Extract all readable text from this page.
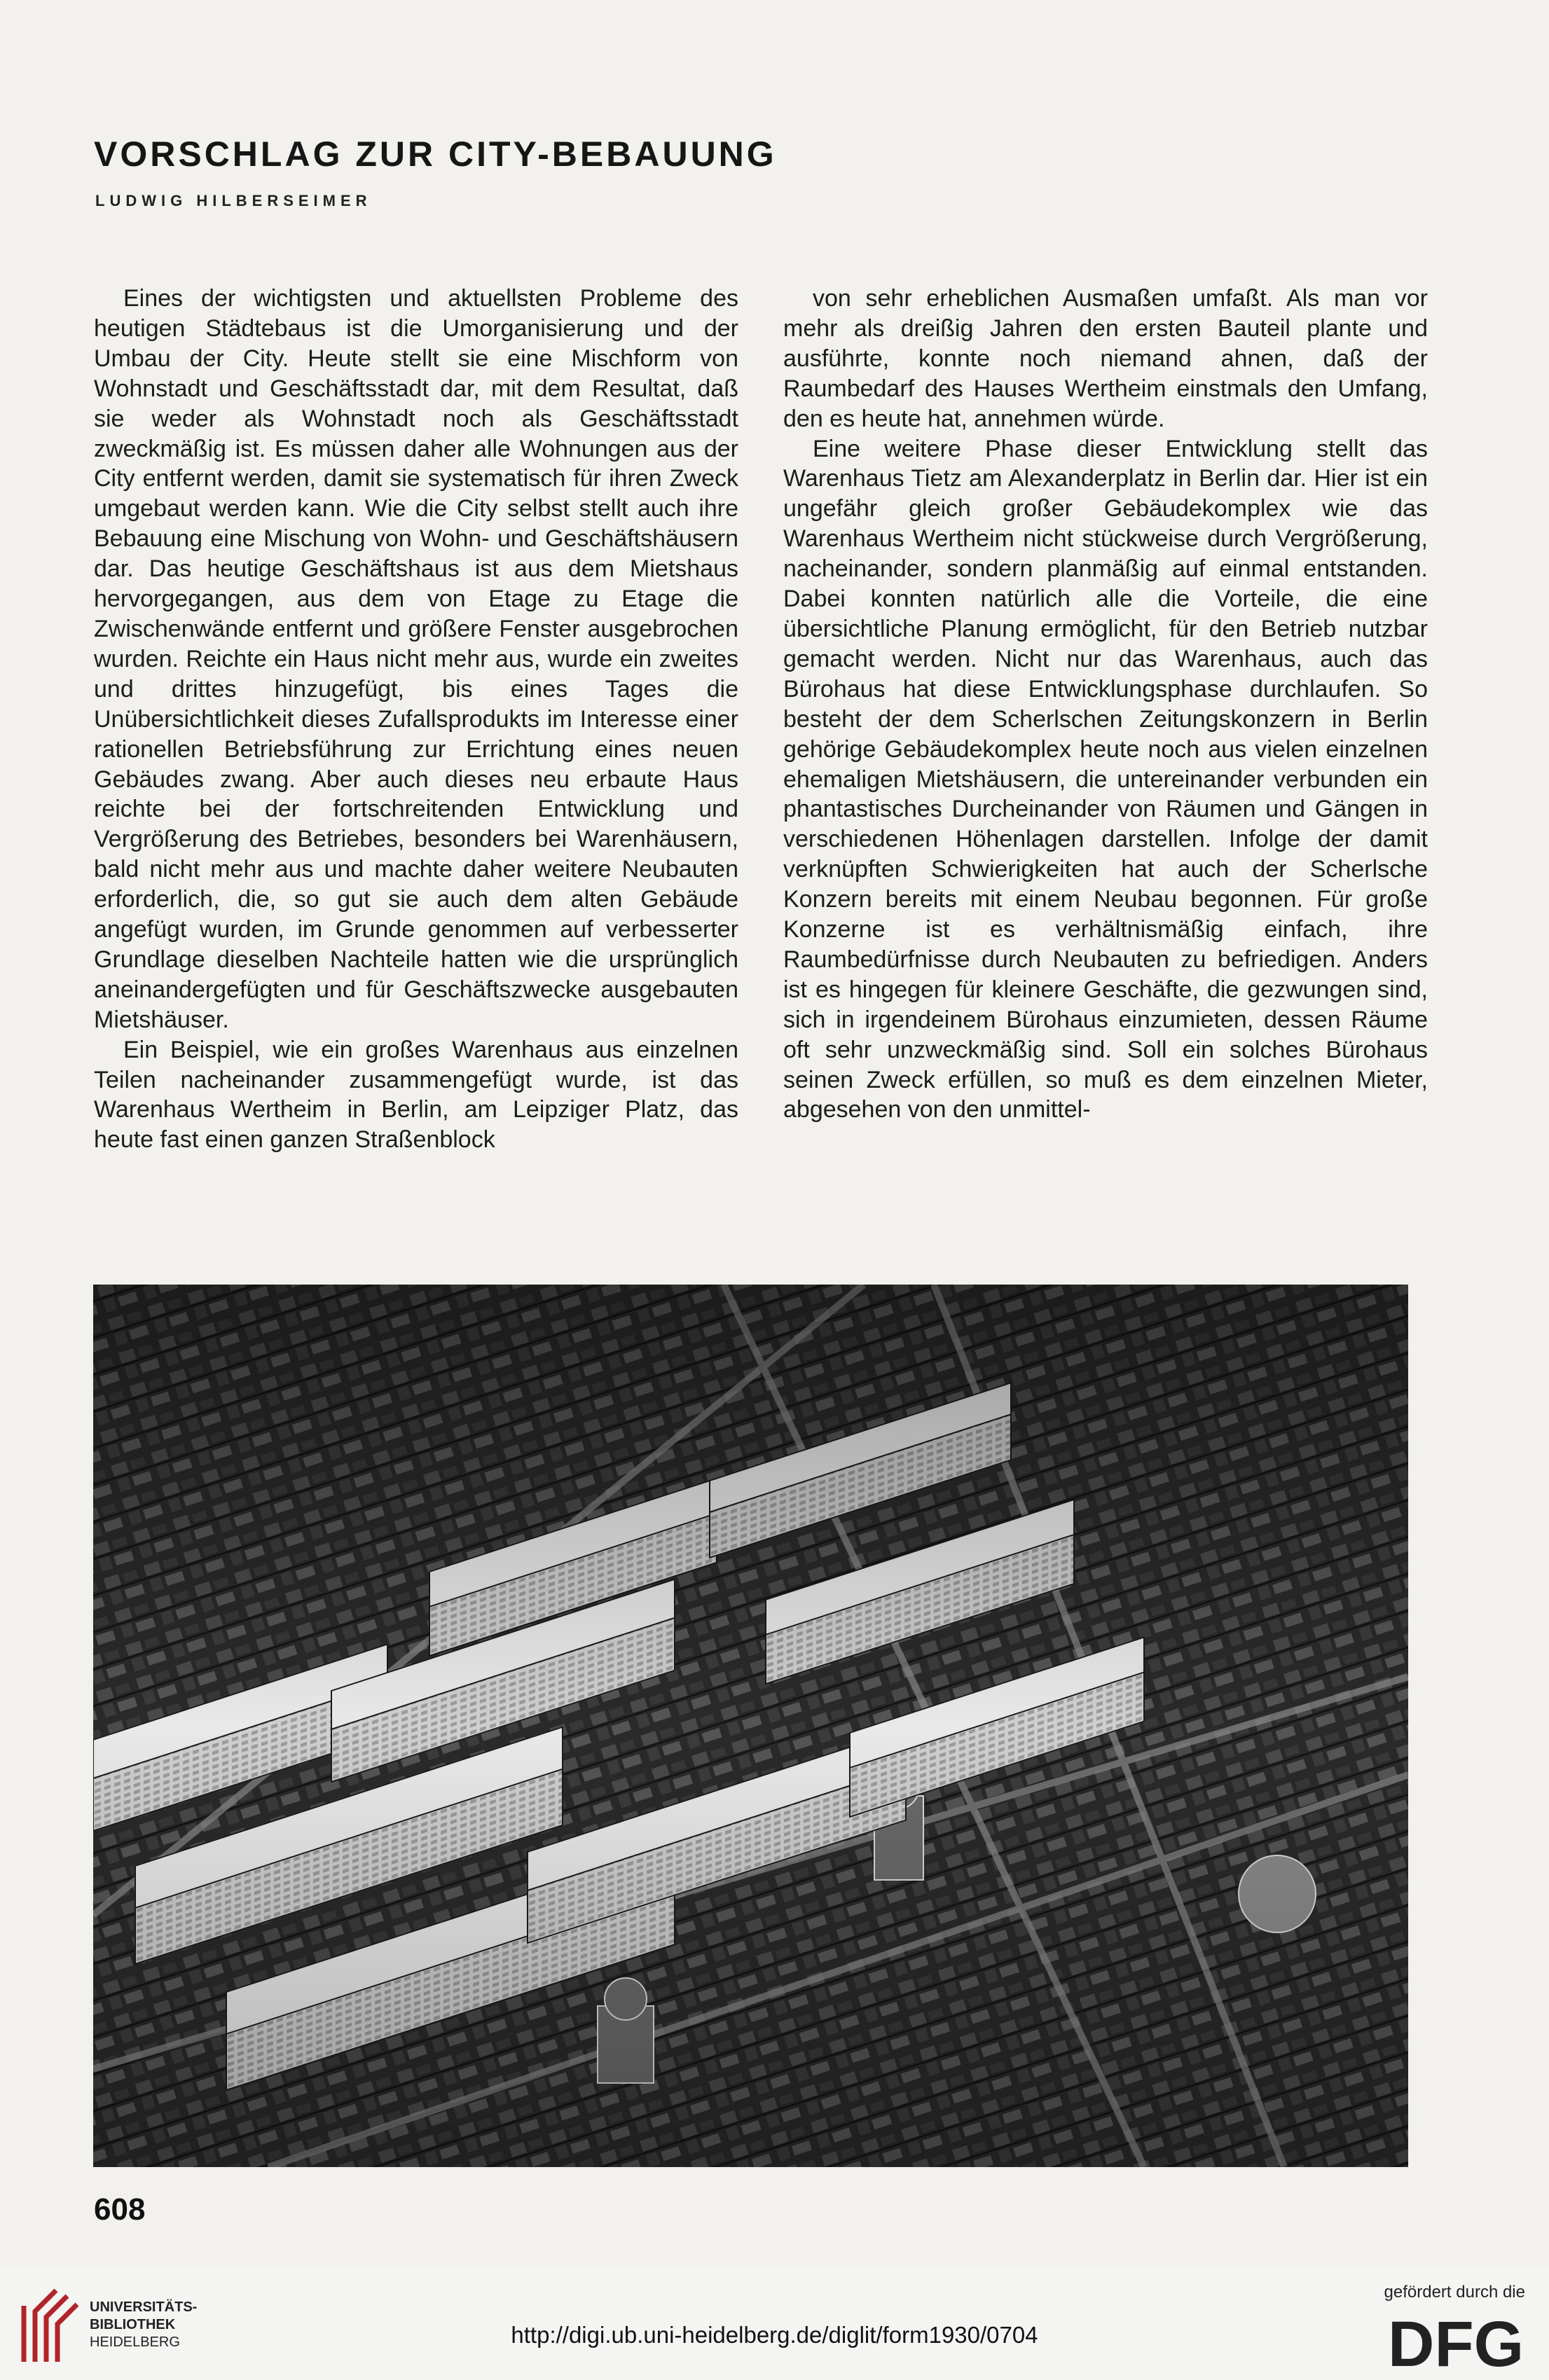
VORSCHLAG ZUR CITY-BEBAUUNG
LUDWIG HILBERSEIMER

Eines der wichtigsten und aktuellsten Probleme des heutigen Städtebaus ist die Umorganisierung und der Umbau der City. Heute stellt sie eine Mischform von Wohnstadt und Geschäftsstadt dar, mit dem Resultat, daß sie weder als Wohnstadt noch als Geschäftsstadt zweckmäßig ist. Es müssen daher alle Wohnungen aus der City entfernt werden, damit sie systematisch für ihren Zweck umgebaut werden kann. Wie die City selbst stellt auch ihre Bebauung eine Mischung von Wohn- und Geschäftshäusern dar. Das heutige Geschäftshaus ist aus dem Mietshaus hervorgegangen, aus dem von Etage zu Etage die Zwischenwände entfernt und größere Fenster ausgebrochen wurden. Reichte ein Haus nicht mehr aus, wurde ein zweites und drittes hinzugefügt, bis eines Tages die Unübersichtlichkeit dieses Zufallsprodukts im Interesse einer rationellen Betriebsführung zur Errichtung eines neuen Gebäudes zwang. Aber auch dieses neu erbaute Haus reichte bei der fortschreitenden Entwicklung und Vergrößerung des Betriebes, besonders bei Warenhäusern, bald nicht mehr aus und machte daher weitere Neubauten erforderlich, die, so gut sie auch dem alten Gebäude angefügt wurden, im Grunde genommen auf verbesserter Grundlage dieselben Nachteile hatten wie die ursprünglich aneinandergefügten und für Geschäftszwecke ausgebauten Mietshäuser.

Ein Beispiel, wie ein großes Warenhaus aus einzelnen Teilen nacheinander zusammengefügt wurde, ist das Warenhaus Wertheim in Berlin, am Leipziger Platz, das heute fast einen ganzen Straßenblock

von sehr erheblichen Ausmaßen umfaßt. Als man vor mehr als dreißig Jahren den ersten Bauteil plante und ausführte, konnte noch niemand ahnen, daß der Raumbedarf des Hauses Wertheim einstmals den Umfang, den es heute hat, annehmen würde.

Eine weitere Phase dieser Entwicklung stellt das Warenhaus Tietz am Alexanderplatz in Berlin dar. Hier ist ein ungefähr gleich großer Gebäudekomplex wie das Warenhaus Wertheim nicht stückweise durch Vergrößerung, nacheinander, sondern planmäßig auf einmal entstanden. Dabei konnten natürlich alle die Vorteile, die eine übersichtliche Planung ermöglicht, für den Betrieb nutzbar gemacht werden. Nicht nur das Warenhaus, auch das Bürohaus hat diese Entwicklungsphase durchlaufen. So besteht der dem Scherlschen Zeitungskonzern in Berlin gehörige Gebäudekomplex heute noch aus vielen einzelnen ehemaligen Mietshäusern, die untereinander verbunden ein phantastisches Durcheinander von Räumen und Gängen in verschiedenen Höhenlagen darstellen. Infolge der damit verknüpften Schwierigkeiten hat auch der Scherlsche Konzern bereits mit einem Neubau begonnen. Für große Konzerne ist es verhältnismäßig einfach, ihre Raumbedürfnisse durch Neubauten zu befriedigen. Anders ist es hingegen für kleinere Geschäfte, die gezwungen sind, sich in irgendeinem Bürohaus einzumieten, dessen Räume oft sehr unzweckmäßig sind. Soll ein solches Bürohaus seinen Zweck erfüllen, so muß es dem einzelnen Mieter, abgesehen von den unmittel-

608
UNIVERSITÄTS-
BIBLIOTHEK
HEIDELBERG	http://digi.ub.uni-heidelberg.de/diglit/form1930/0704
gefördert durch die
DFG
